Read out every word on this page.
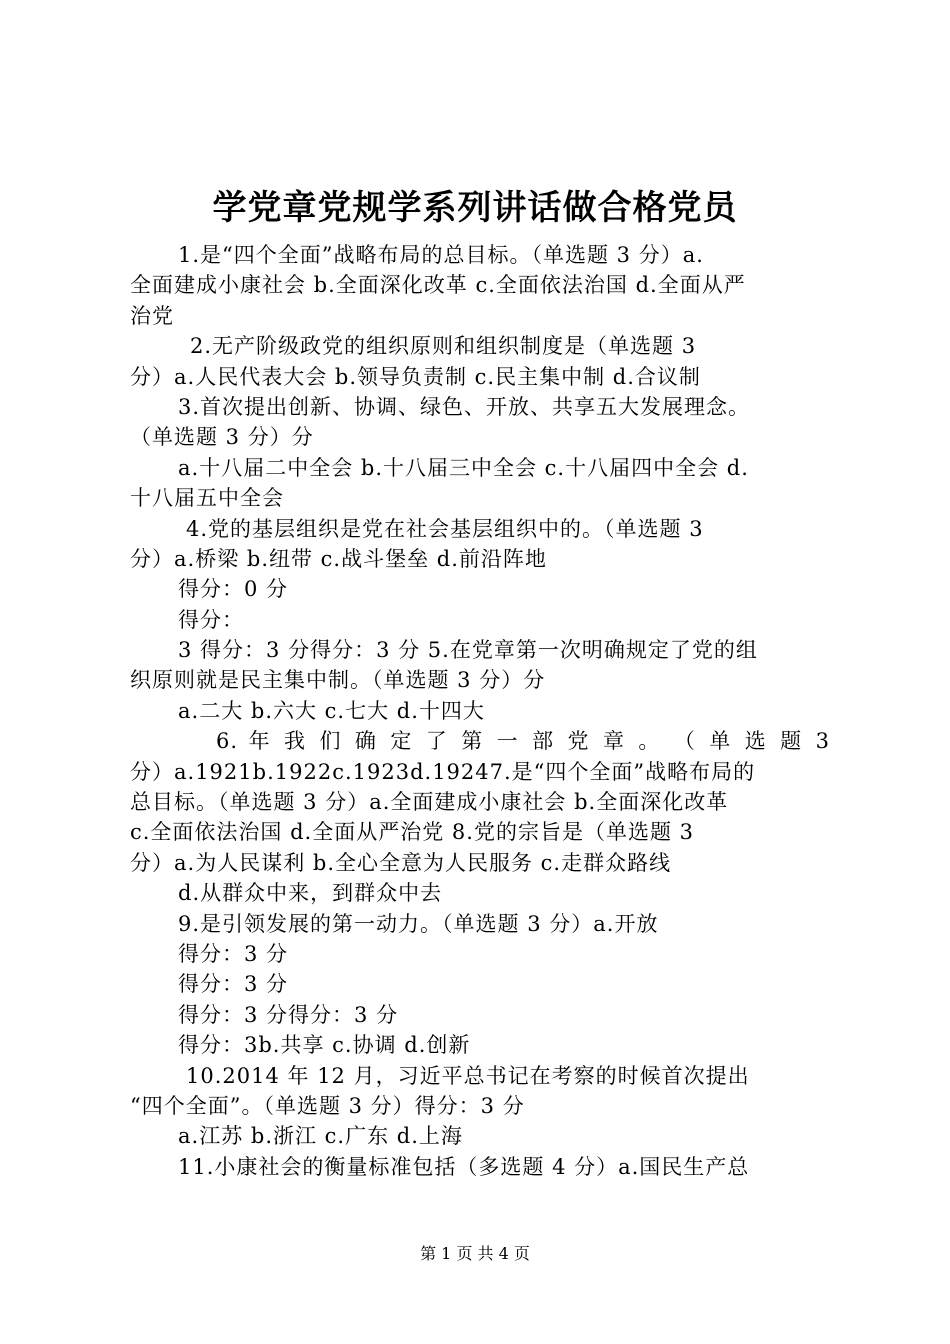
学党章党规学系列讲话做合格党员
1.是“四个全面”战略布局的总目标。（单选题 3 分）a.
全面建成小康社会 b.全面深化改革 c.全面依法治国 d.全面从严
治党
2.无产阶级政党的组织原则和组织制度是（单选题 3
分）a.人民代表大会 b.领导负责制 c.民主集中制 d.合议制
3.首次提出创新、协调、绿色、开放、共享五大发展理念。
（单选题 3 分）分
a.十八届二中全会 b.十八届三中全会 c.十八届四中全会 d.
十八届五中全会
4.党的基层组织是党在社会基层组织中的。（单选题 3
分）a.桥梁 b.纽带 c.战斗堡垒 d.前沿阵地
得分：0 分
得分：
3 得分：3 分得分：3 分 5.在党章第一次明确规定了党的组
织原则就是民主集中制。（单选题 3 分）分
a.二大 b.六大 c.七大 d.十四大
6. 年 我 们 确 定 了 第 一 部 党 章 。 （ 单 选 题 3
分）a.1921b.1922c.1923d.19247.是“四个全面”战略布局的
总目标。（单选题 3 分）a.全面建成小康社会 b.全面深化改革
c.全面依法治国 d.全面从严治党 8.党的宗旨是（单选题 3
分）a.为人民谋利 b.全心全意为人民服务 c.走群众路线
d.从群众中来，到群众中去
9.是引领发展的第一动力。（单选题 3 分）a.开放
得分：3 分
得分：3 分
得分：3 分得分：3 分
得分：3b.共享 c.协调 d.创新
10.2014 年 12 月，习近平总书记在考察的时候首次提出
“四个全面”。（单选题 3 分）得分：3 分
a.江苏 b.浙江 c.广东 d.上海
11.小康社会的衡量标准包括（多选题 4 分）a.国民生产总
第 1 页 共 4 页
